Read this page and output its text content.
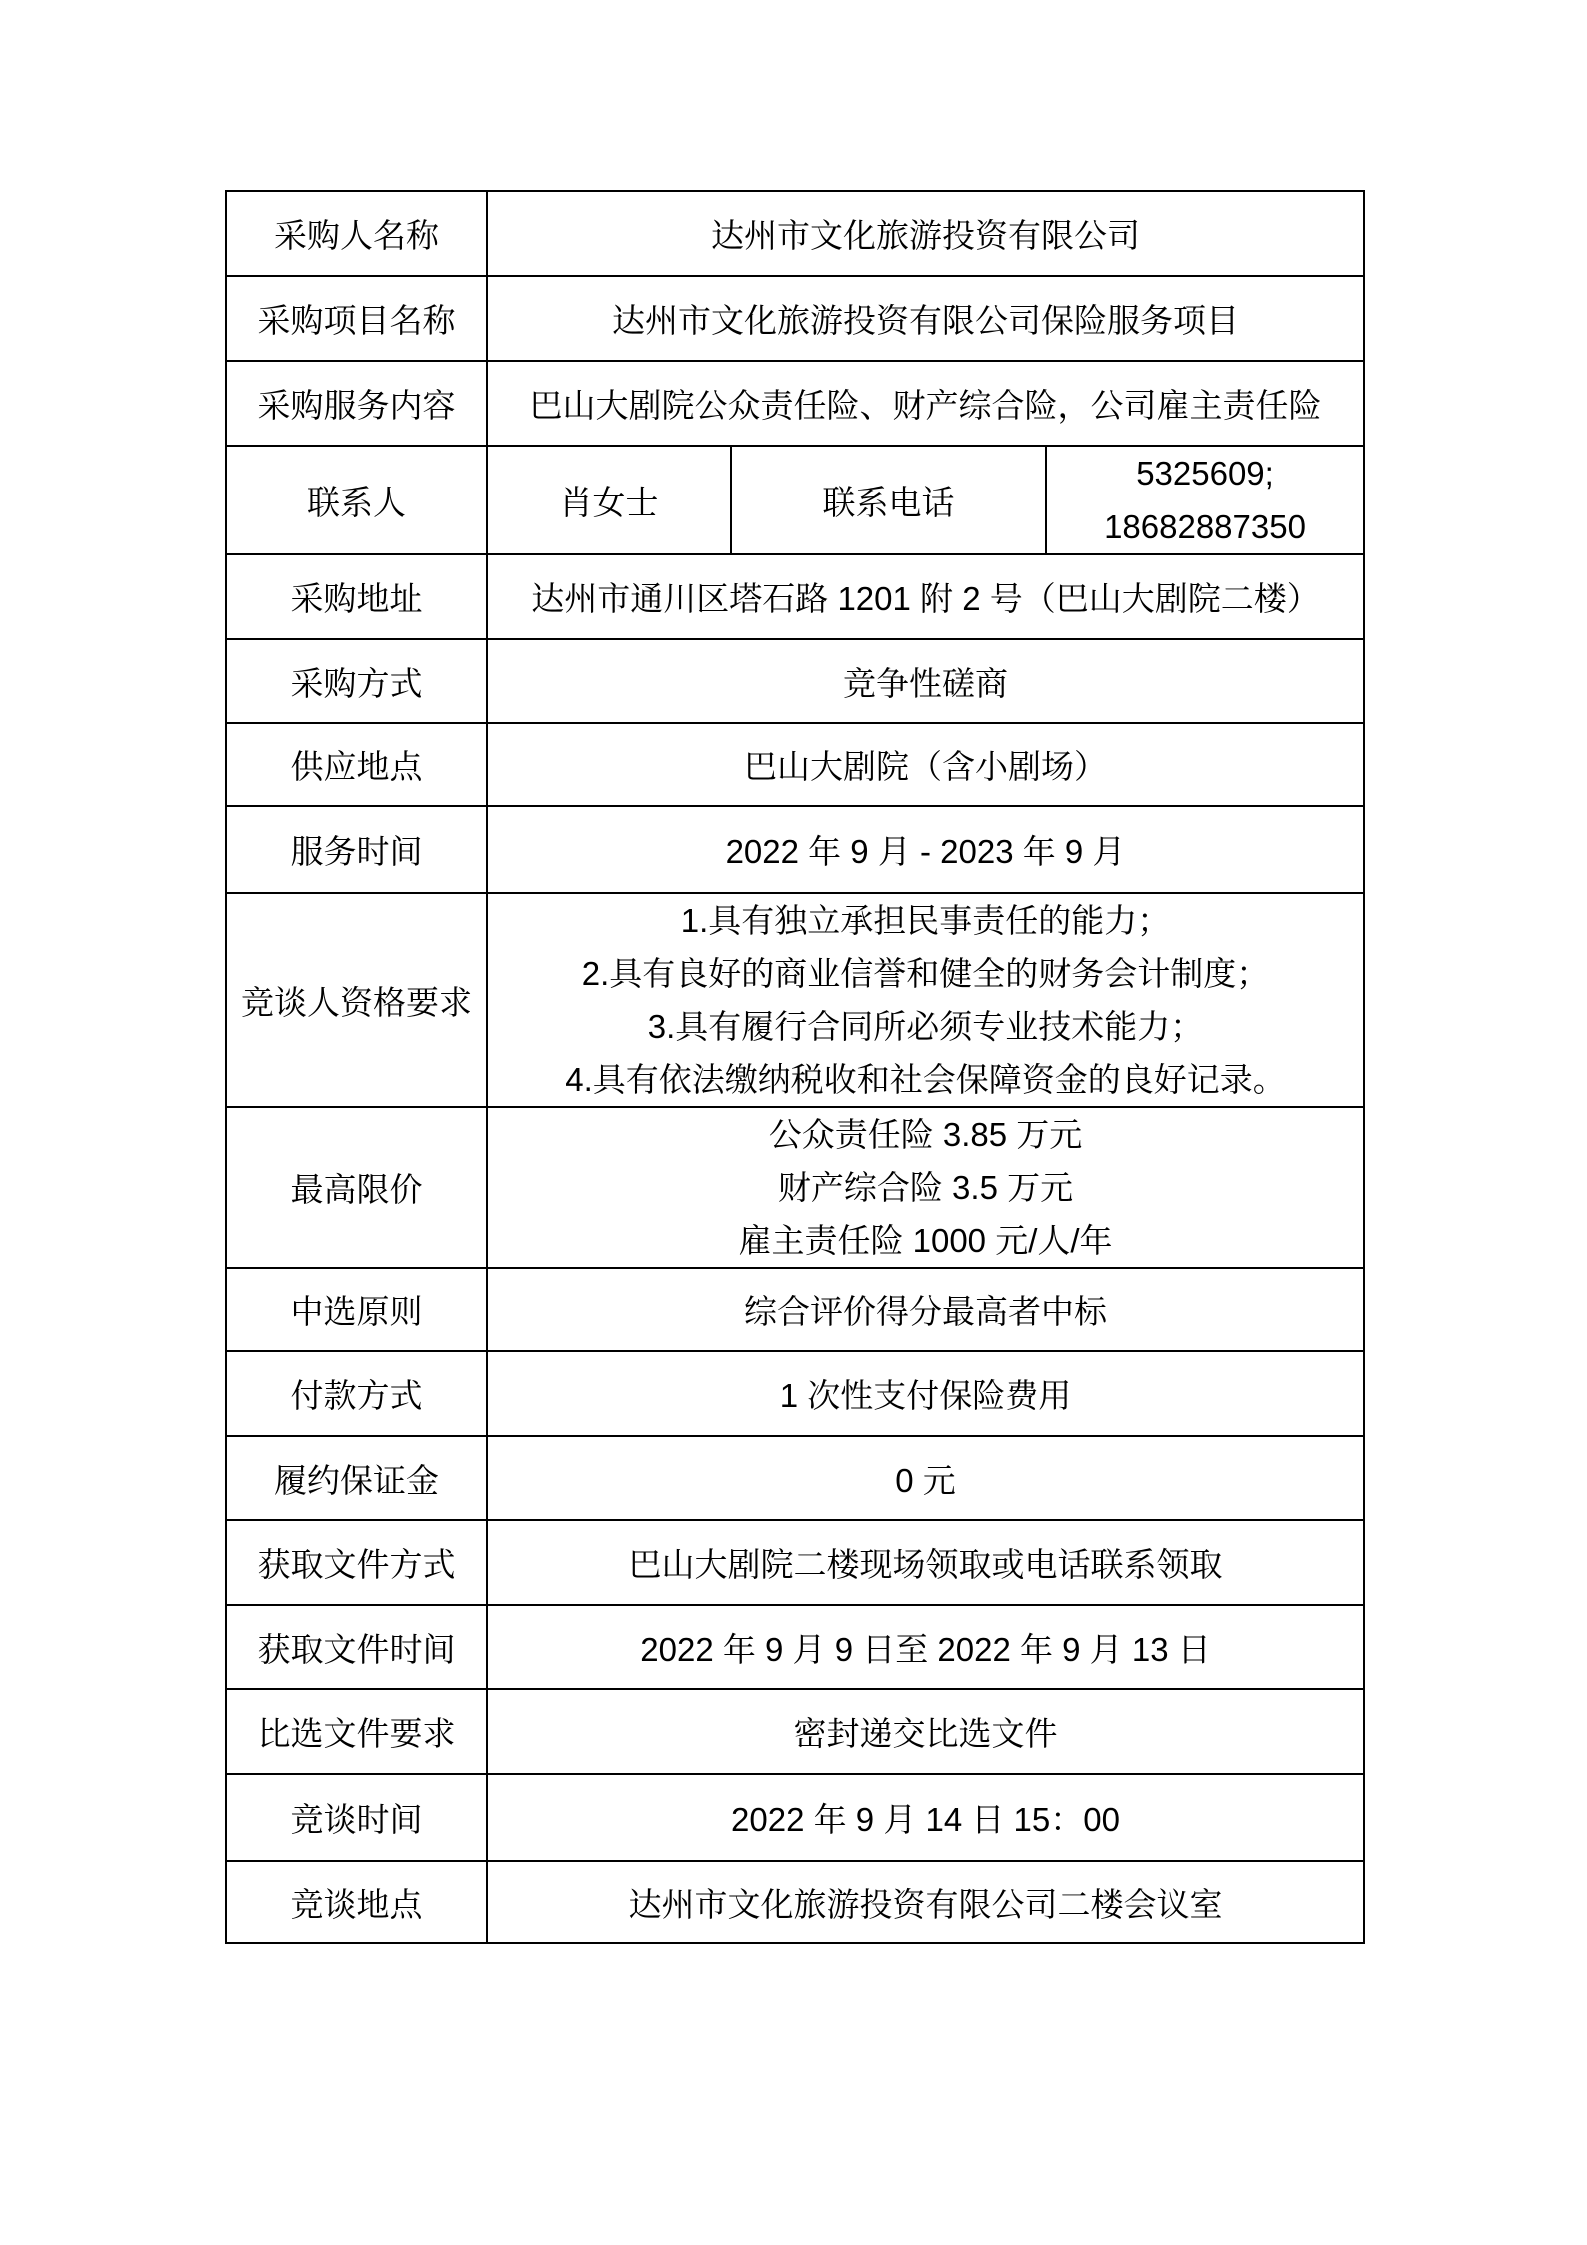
采购人名称	达州市文化旅游投资有限公司		
采购项目名称	达州市文化旅游投资有限公司保险服务项目		
采购服务内容	巴山大剧院公众责任险、财产综合险，公司雇主责任险		
联系人	肖女士	联系电话	5325609;
18682887350

采购地址	达州市通川区塔石路 1201 附 2 号（巴山大剧院二楼）		
采购方式	竞争性磋商		
供应地点	巴山大剧院（含小剧场）		
服务时间	2022 年 9 月 - 2023 年 9 月		
竞谈人资格要求	1.具有独立承担民事责任的能力；
2.具有良好的商业信誉和健全的财务会计制度；
3.具有履行合同所必须专业技术能力；
4.具有依法缴纳税收和社会保障资金的良好记录。		

最高限价	公众责任险 3.85 万元
财产综合险 3.5 万元
雇主责任险 1000 元/人/年		

中选原则	综合评价得分最高者中标		
付款方式	1 次性支付保险费用		
履约保证金	0 元		
获取文件方式	巴山大剧院二楼现场领取或电话联系领取		
获取文件时间	2022 年 9 月 9 日至 2022 年 9 月 13 日		
比选文件要求	密封递交比选文件		
竞谈时间	2022 年 9 月 14 日 15：00		
竞谈地点	达州市文化旅游投资有限公司二楼会议室		
